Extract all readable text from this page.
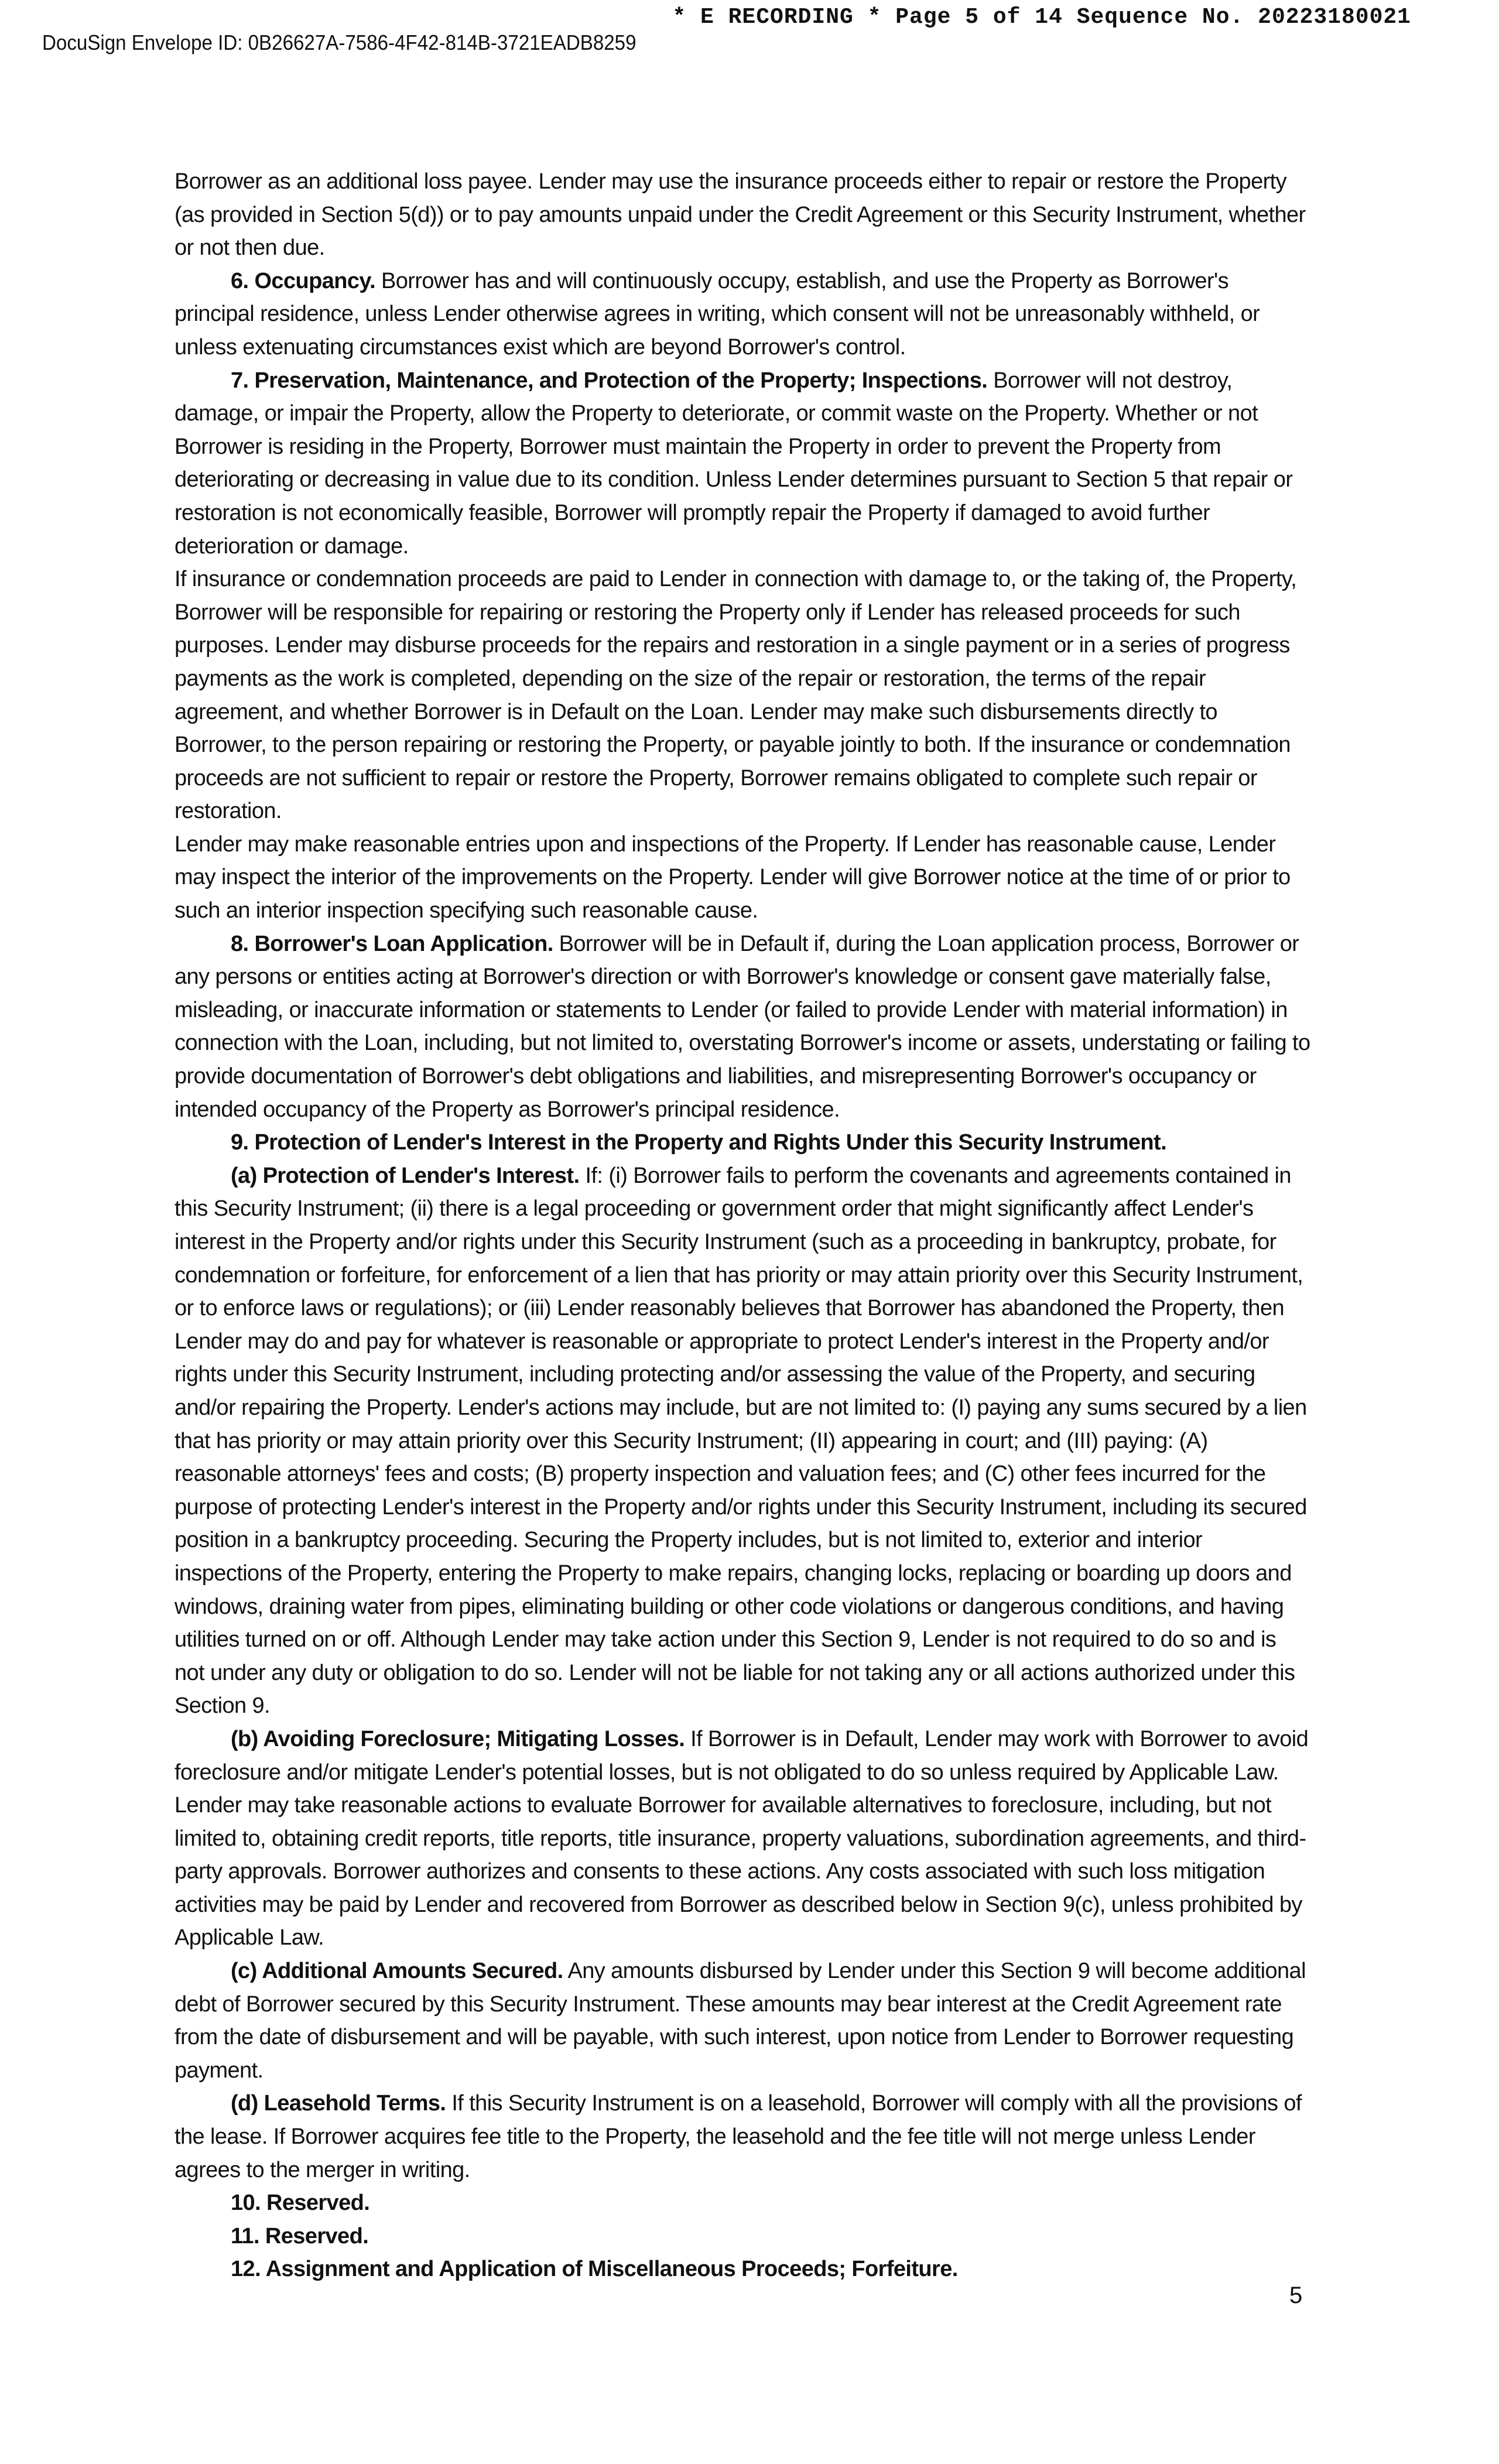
* E RECORDING * Page 5 of 14 Sequence No. 20223180021
DocuSign Envelope ID: 0B26627A-7586-4F42-814B-3721EADB8259

Borrower as an additional loss payee. Lender may use the insurance proceeds either to repair or restore the Property (as provided in Section 5(d)) or to pay amounts unpaid under the Credit Agreement or this Security Instrument, whether or not then due.

6. Occupancy. Borrower has and will continuously occupy, establish, and use the Property as Borrower's principal residence, unless Lender otherwise agrees in writing, which consent will not be unreasonably withheld, or unless extenuating circumstances exist which are beyond Borrower's control.

7. Preservation, Maintenance, and Protection of the Property; Inspections. Borrower will not destroy, damage, or impair the Property, allow the Property to deteriorate, or commit waste on the Property. Whether or not Borrower is residing in the Property, Borrower must maintain the Property in order to prevent the Property from deteriorating or decreasing in value due to its condition. Unless Lender determines pursuant to Section 5 that repair or restoration is not economically feasible, Borrower will promptly repair the Property if damaged to avoid further deterioration or damage.

If insurance or condemnation proceeds are paid to Lender in connection with damage to, or the taking of, the Property, Borrower will be responsible for repairing or restoring the Property only if Lender has released proceeds for such purposes. Lender may disburse proceeds for the repairs and restoration in a single payment or in a series of progress payments as the work is completed, depending on the size of the repair or restoration, the terms of the repair agreement, and whether Borrower is in Default on the Loan. Lender may make such disbursements directly to Borrower, to the person repairing or restoring the Property, or payable jointly to both. If the insurance or condemnation proceeds are not sufficient to repair or restore the Property, Borrower remains obligated to complete such repair or restoration.

Lender may make reasonable entries upon and inspections of the Property. If Lender has reasonable cause, Lender may inspect the interior of the improvements on the Property. Lender will give Borrower notice at the time of or prior to such an interior inspection specifying such reasonable cause.

8. Borrower's Loan Application. Borrower will be in Default if, during the Loan application process, Borrower or any persons or entities acting at Borrower's direction or with Borrower's knowledge or consent gave materially false, misleading, or inaccurate information or statements to Lender (or failed to provide Lender with material information) in connection with the Loan, including, but not limited to, overstating Borrower's income or assets, understating or failing to provide documentation of Borrower's debt obligations and liabilities, and misrepresenting Borrower's occupancy or intended occupancy of the Property as Borrower's principal residence.

9. Protection of Lender's Interest in the Property and Rights Under this Security Instrument.

(a) Protection of Lender's Interest. If: (i) Borrower fails to perform the covenants and agreements contained in this Security Instrument; (ii) there is a legal proceeding or government order that might significantly affect Lender's interest in the Property and/or rights under this Security Instrument (such as a proceeding in bankruptcy, probate, for condemnation or forfeiture, for enforcement of a lien that has priority or may attain priority over this Security Instrument, or to enforce laws or regulations); or (iii) Lender reasonably believes that Borrower has abandoned the Property, then Lender may do and pay for whatever is reasonable or appropriate to protect Lender's interest in the Property and/or rights under this Security Instrument, including protecting and/or assessing the value of the Property, and securing and/or repairing the Property. Lender's actions may include, but are not limited to: (I) paying any sums secured by a lien that has priority or may attain priority over this Security Instrument; (II) appearing in court; and (III) paying: (A) reasonable attorneys' fees and costs; (B) property inspection and valuation fees; and (C) other fees incurred for the purpose of protecting Lender's interest in the Property and/or rights under this Security Instrument, including its secured position in a bankruptcy proceeding. Securing the Property includes, but is not limited to, exterior and interior inspections of the Property, entering the Property to make repairs, changing locks, replacing or boarding up doors and windows, draining water from pipes, eliminating building or other code violations or dangerous conditions, and having utilities turned on or off. Although Lender may take action under this Section 9, Lender is not required to do so and is not under any duty or obligation to do so. Lender will not be liable for not taking any or all actions authorized under this Section 9.

(b) Avoiding Foreclosure; Mitigating Losses. If Borrower is in Default, Lender may work with Borrower to avoid foreclosure and/or mitigate Lender's potential losses, but is not obligated to do so unless required by Applicable Law. Lender may take reasonable actions to evaluate Borrower for available alternatives to foreclosure, including, but not limited to, obtaining credit reports, title reports, title insurance, property valuations, subordination agreements, and third-party approvals. Borrower authorizes and consents to these actions. Any costs associated with such loss mitigation activities may be paid by Lender and recovered from Borrower as described below in Section 9(c), unless prohibited by Applicable Law.

(c) Additional Amounts Secured. Any amounts disbursed by Lender under this Section 9 will become additional debt of Borrower secured by this Security Instrument. These amounts may bear interest at the Credit Agreement rate from the date of disbursement and will be payable, with such interest, upon notice from Lender to Borrower requesting payment.

(d) Leasehold Terms. If this Security Instrument is on a leasehold, Borrower will comply with all the provisions of the lease. If Borrower acquires fee title to the Property, the leasehold and the fee title will not merge unless Lender agrees to the merger in writing.

10. Reserved.

11. Reserved.

12. Assignment and Application of Miscellaneous Proceeds; Forfeiture.

5
